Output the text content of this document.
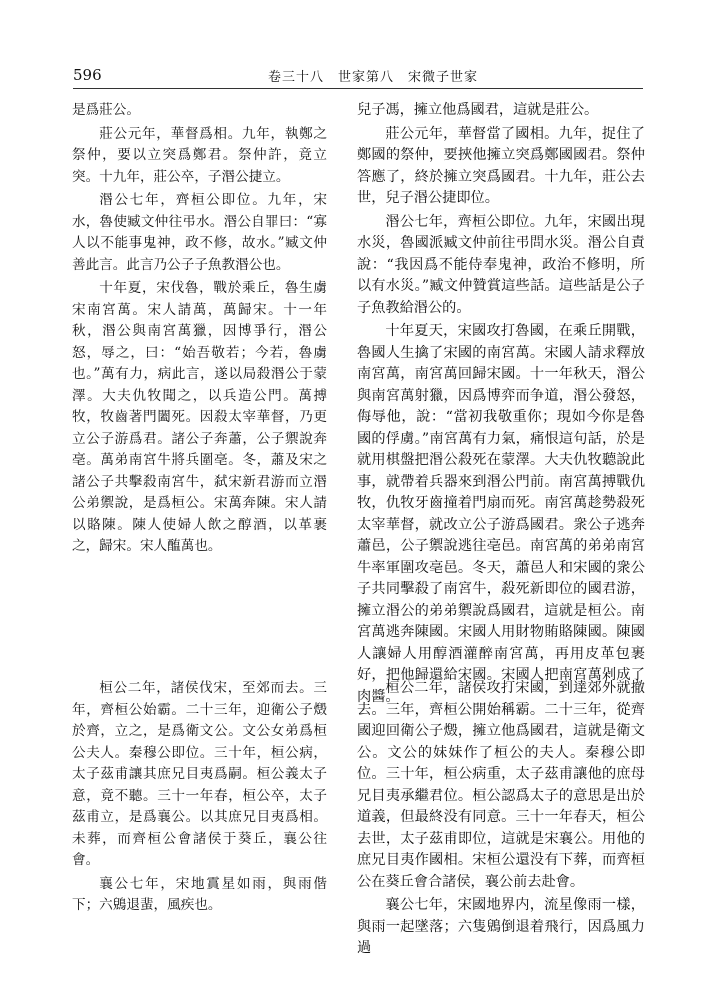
596	卷三十八　世家第八　宋微子世家

是爲莊公。

莊公元年，華督爲相。九年，執鄭之祭仲，要以立突爲鄭君。祭仲許，竟立突。十九年，莊公卒，子湣公捷立。

湣公七年，齊桓公即位。九年，宋水，魯使臧文仲往弔水。湣公自罪曰：“寡人以不能事鬼神，政不修，故水。”臧文仲善此言。此言乃公子子魚教湣公也。

十年夏，宋伐魯，戰於乘丘，魯生虜宋南宮萬。宋人請萬，萬歸宋。十一年秋，湣公與南宮萬獵，因博爭行，湣公怒，辱之，曰：“始吾敬若；今若，魯虜也。”萬有力，病此言，遂以局殺湣公于蒙澤。大夫仇牧聞之，以兵造公門。萬搏牧，牧齒著門闔死。因殺太宰華督，乃更立公子游爲君。諸公子奔蕭，公子禦說奔亳。萬弟南宮牛將兵圍亳。冬，蕭及宋之諸公子共擊殺南宮牛，弑宋新君游而立湣公弟禦說，是爲桓公。宋萬奔陳。宋人請以賂陳。陳人使婦人飲之醇酒，以革裹之，歸宋。宋人醢萬也。

桓公二年，諸侯伐宋，至郊而去。三年，齊桓公始霸。二十三年，迎衛公子燬於齊，立之，是爲衛文公。文公女弟爲桓公夫人。秦穆公即位。三十年，桓公病，太子茲甫讓其庶兄目夷爲嗣。桓公義太子意，竟不聽。三十一年春，桓公卒，太子茲甫立，是爲襄公。以其庶兄目夷爲相。未葬，而齊桓公會諸侯于葵丘，襄公往會。

襄公七年，宋地霣星如雨，與雨偕下；六鶂退蜚，風疾也。

兒子馮，擁立他爲國君，這就是莊公。

莊公元年，華督當了國相。九年，捉住了鄭國的祭仲，要挾他擁立突爲鄭國國君。祭仲答應了，終於擁立突爲國君。十九年，莊公去世，兒子湣公捷即位。

湣公七年，齊桓公即位。九年，宋國出現水災，魯國派臧文仲前往弔問水災。湣公自責說：“我因爲不能侍奉鬼神，政治不修明，所以有水災。”臧文仲贊賞這些話。這些話是公子子魚教給湣公的。

十年夏天，宋國攻打魯國，在乘丘開戰，魯國人生擒了宋國的南宮萬。宋國人請求釋放南宮萬，南宮萬回歸宋國。十一年秋天，湣公與南宮萬射獵，因爲博弈而争道，湣公發怒，侮辱他，說：“當初我敬重你；現如今你是魯國的俘虜。”南宮萬有力氣，痛恨這句話，於是就用棋盤把湣公殺死在蒙澤。大夫仇牧聽說此事，就帶着兵器來到湣公門前。南宮萬搏戰仇牧，仇牧牙齒撞着門扇而死。南宮萬趁勢殺死太宰華督，就改立公子游爲國君。衆公子逃奔蕭邑，公子禦說逃往亳邑。南宮萬的弟弟南宮牛率軍圍攻亳邑。冬天，蕭邑人和宋國的衆公子共同擊殺了南宮牛，殺死新即位的國君游，擁立湣公的弟弟禦說爲國君，這就是桓公。南宮萬逃奔陳國。宋國人用財物賄賂陳國。陳國人讓婦人用醇酒灌醉南宮萬，再用皮革包裹好，把他歸還給宋國。宋國人把南宮萬剁成了肉醬。

桓公二年，諸侯攻打宋國，到達郊外就撤去。三年，齊桓公開始稱霸。二十三年，從齊國迎回衛公子燬，擁立他爲國君，這就是衛文公。文公的妹妹作了桓公的夫人。秦穆公即位。三十年，桓公病重，太子茲甫讓他的庶母兄目夷承繼君位。桓公認爲太子的意思是出於道義，但最終没有同意。三十一年春天，桓公去世，太子茲甫即位，這就是宋襄公。用他的庶兄目夷作國相。宋桓公還没有下葬，而齊桓公在葵丘會合諸侯，襄公前去赴會。

襄公七年，宋國地界内，流星像雨一樣，與雨一起墜落；六隻鶂倒退着飛行，因爲風力過
